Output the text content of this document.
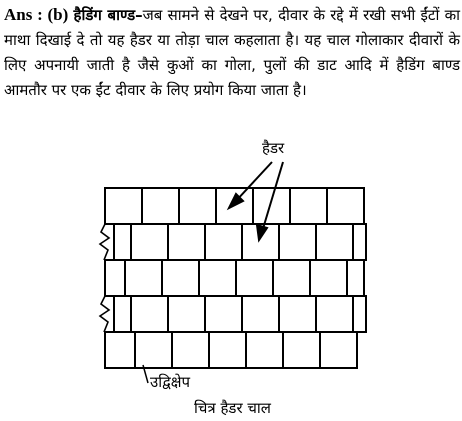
Ans : (b) हैडिंग बाण्ड–जब सामने से देखने पर, दीवार के रद्दे में रखी सभी ईंटों का माथा दिखाई दे तो यह हैडर या तोड़ा चाल कहलाता है। यह चाल गोलाकार दीवारों के लिए अपनायी जाती है जैसे कुओं का गोला, पुलों की डाट आदि में हैडिंग बाण्ड आमतौर पर एक ईंट दीवार के लिए प्रयोग किया जाता है।
हैडर
उद्विक्षेप
चित्र हैडर चाल
